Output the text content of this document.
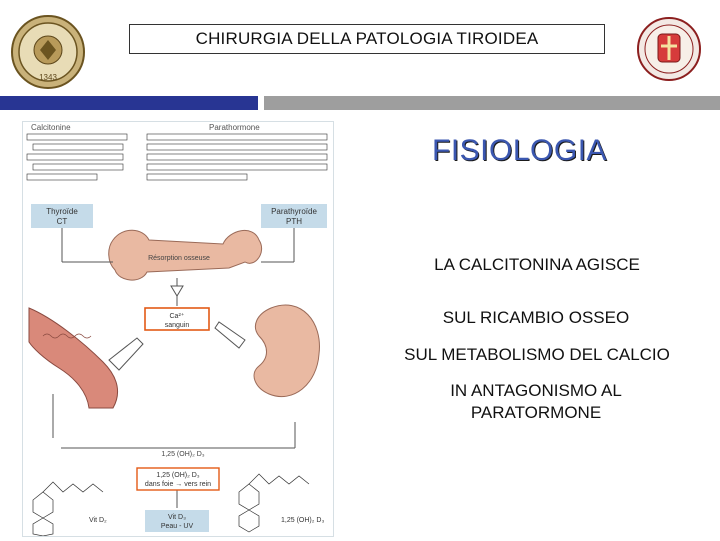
1343
CHIRURGIA DELLA PATOLOGIA TIROIDEA
Calcitonine	Parathormone
Thyroïde
CT
Parathyroïde
PTH
Résorption osseuse
Ca²⁺
sanguin
1,25 (OH)₂ D₃
1,25 (OH)₂ D₃
dans foie → vers rein
Vit D₃
Peau - UV
Vit D₂	1,25 (OH)₂ D₃
FISIOLOGIA
LA CALCITONINA AGISCE
SUL RICAMBIO OSSEO
SUL METABOLISMO DEL CALCIO
IN ANTAGONISMO AL
PARATORMONE
